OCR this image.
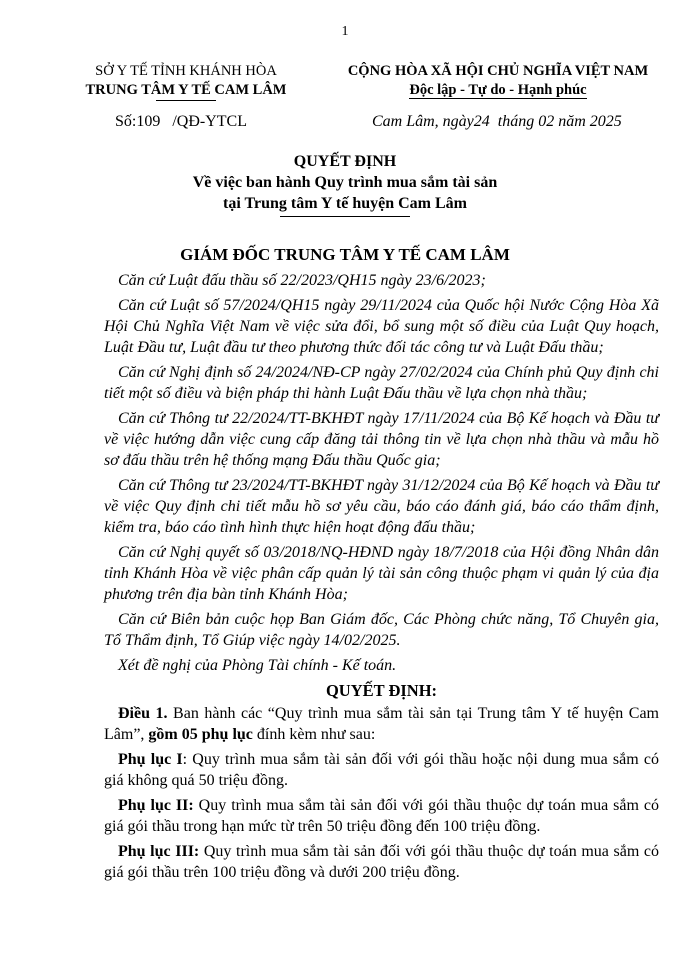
1
SỞ Y TẾ TỈNH KHÁNH HÒA
TRUNG TÂM Y TẾ CAM LÂM
CỘNG HÒA XÃ HỘI CHỦ NGHĨA VIỆT NAM
Độc lập - Tự do - Hạnh phúc
Số:109   /QĐ-YTCL	Cam Lâm, ngày24  tháng 02 năm 2025
QUYẾT ĐỊNH
Về việc ban hành Quy trình mua sắm tài sản
tại Trung tâm Y tế huyện Cam Lâm
GIÁM ĐỐC TRUNG TÂM Y TẾ CAM LÂM

Căn cứ Luật đấu thầu số 22/2023/QH15 ngày 23/6/2023;

Căn cứ Luật số 57/2024/QH15 ngày 29/11/2024 của Quốc hội Nước Cộng Hòa Xã Hội Chủ Nghĩa Việt Nam về việc sửa đổi, bổ sung một số điều của Luật Quy hoạch, Luật Đầu tư, Luật đầu tư theo phương thức đối tác công tư và Luật Đấu thầu;

Căn cứ Nghị định số 24/2024/NĐ-CP ngày 27/02/2024 của Chính phủ Quy định chi tiết một số điều và biện pháp thi hành Luật Đấu thầu về lựa chọn nhà thầu;

Căn cứ Thông tư 22/2024/TT-BKHĐT ngày 17/11/2024 của Bộ Kế hoạch và Đầu tư về việc hướng dẫn việc cung cấp đăng tải thông tin về lựa chọn nhà thầu và mẫu hồ sơ đấu thầu trên hệ thống mạng Đấu thầu Quốc gia;

Căn cứ Thông tư 23/2024/TT-BKHĐT ngày 31/12/2024 của Bộ Kế hoạch và Đầu tư về việc Quy định chi tiết mẫu hồ sơ yêu cầu, báo cáo đánh giá, báo cáo thẩm định, kiểm tra, báo cáo tình hình thực hiện hoạt động đấu thầu;

Căn cứ Nghị quyết số 03/2018/NQ-HĐND ngày 18/7/2018 của Hội đồng Nhân dân tỉnh Khánh Hòa về việc phân cấp quản lý tài sản công thuộc phạm vi quản lý của địa phương trên địa bàn tỉnh Khánh Hòa;

Căn cứ Biên bản cuộc họp Ban Giám đốc, Các Phòng chức năng, Tổ Chuyên gia, Tổ Thẩm định, Tổ Giúp việc ngày 14/02/2025.

Xét đề nghị của Phòng Tài chính - Kế toán.

QUYẾT ĐỊNH:

Điều 1. Ban hành các “Quy trình mua sắm tài sản tại Trung tâm Y tế huyện Cam Lâm”, gồm 05 phụ lục đính kèm như sau:

Phụ lục I: Quy trình mua sắm tài sản đối với gói thầu hoặc nội dung mua sắm có giá không quá 50 triệu đồng.

Phụ lục II: Quy trình mua sắm tài sản đối với gói thầu thuộc dự toán mua sắm có giá gói thầu trong hạn mức từ trên 50 triệu đồng đến 100 triệu đồng.

Phụ lục III: Quy trình mua sắm tài sản đối với gói thầu thuộc dự toán mua sắm có giá gói thầu trên 100 triệu đồng và dưới 200 triệu đồng.
